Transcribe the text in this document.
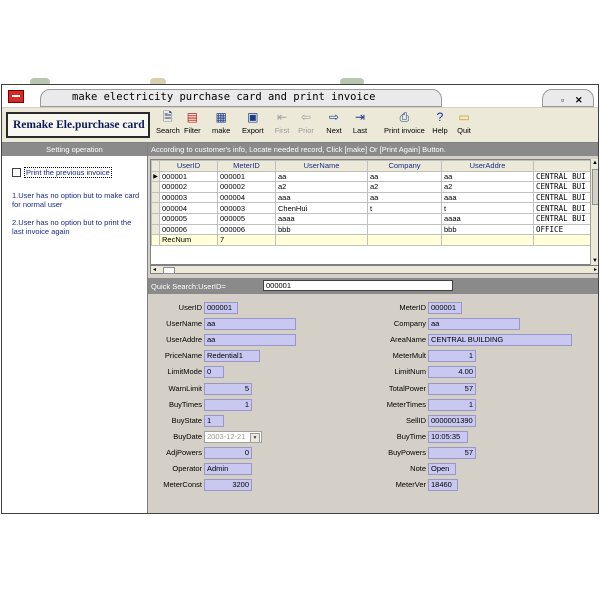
make electricity purchase card and print invoice	▫ ✕
Remake Ele.purchase card
🗎
Search
▤
Filter
▦
make
▣
Export
⇤
First
⇦
Prior
⇨
Next
⇥
Last
⎙
Print invoice
?
Help
▭
Quit
Setting operation
Print the previous invoice
1.User has no option but to make card for normal user
2.User has no option but to print the last invoice again
According to customer's info, Locate needed record, Click [make] Or [Print Again] Button.
	UserID	MeterID	UserName	Company	UserAddre	
▶	000001	000001	aa	aa	aa	CENTRAL BUI
	000002	000002	a2	a2	a2	CENTRAL BUI
	000003	000004	aaa	aa	aaa	CENTRAL BUI
	000004	000003	ChenHui	t	t	CENTRAL BUI
	000005	000005	aaaa		aaaa	CENTRAL BUI
	000006	000006	bbb		bbb	OFFICE
	RecNum	7				
▲
▼
◂	▸
Quick Search:UserID=	000001
UserID 000001
UserName aa
UserAddre aa
PriceName Redential1
LimitMode 0
WarnLimit	5
BuyTimes	1
BuyState 1
BuyDate 2003-12-21	▼
AdjPowers	0
Operator Admin
MeterConst	3200
MeterID 000001
Company aa
AreaName CENTRAL BUILDING
MeterMult	1
LimitNum	4.00
TotalPower	57
MeterTimes	1
SellID 0000001390
BuyTime 10:05:35
BuyPowers	57
Note Open
MeterVer 18460
